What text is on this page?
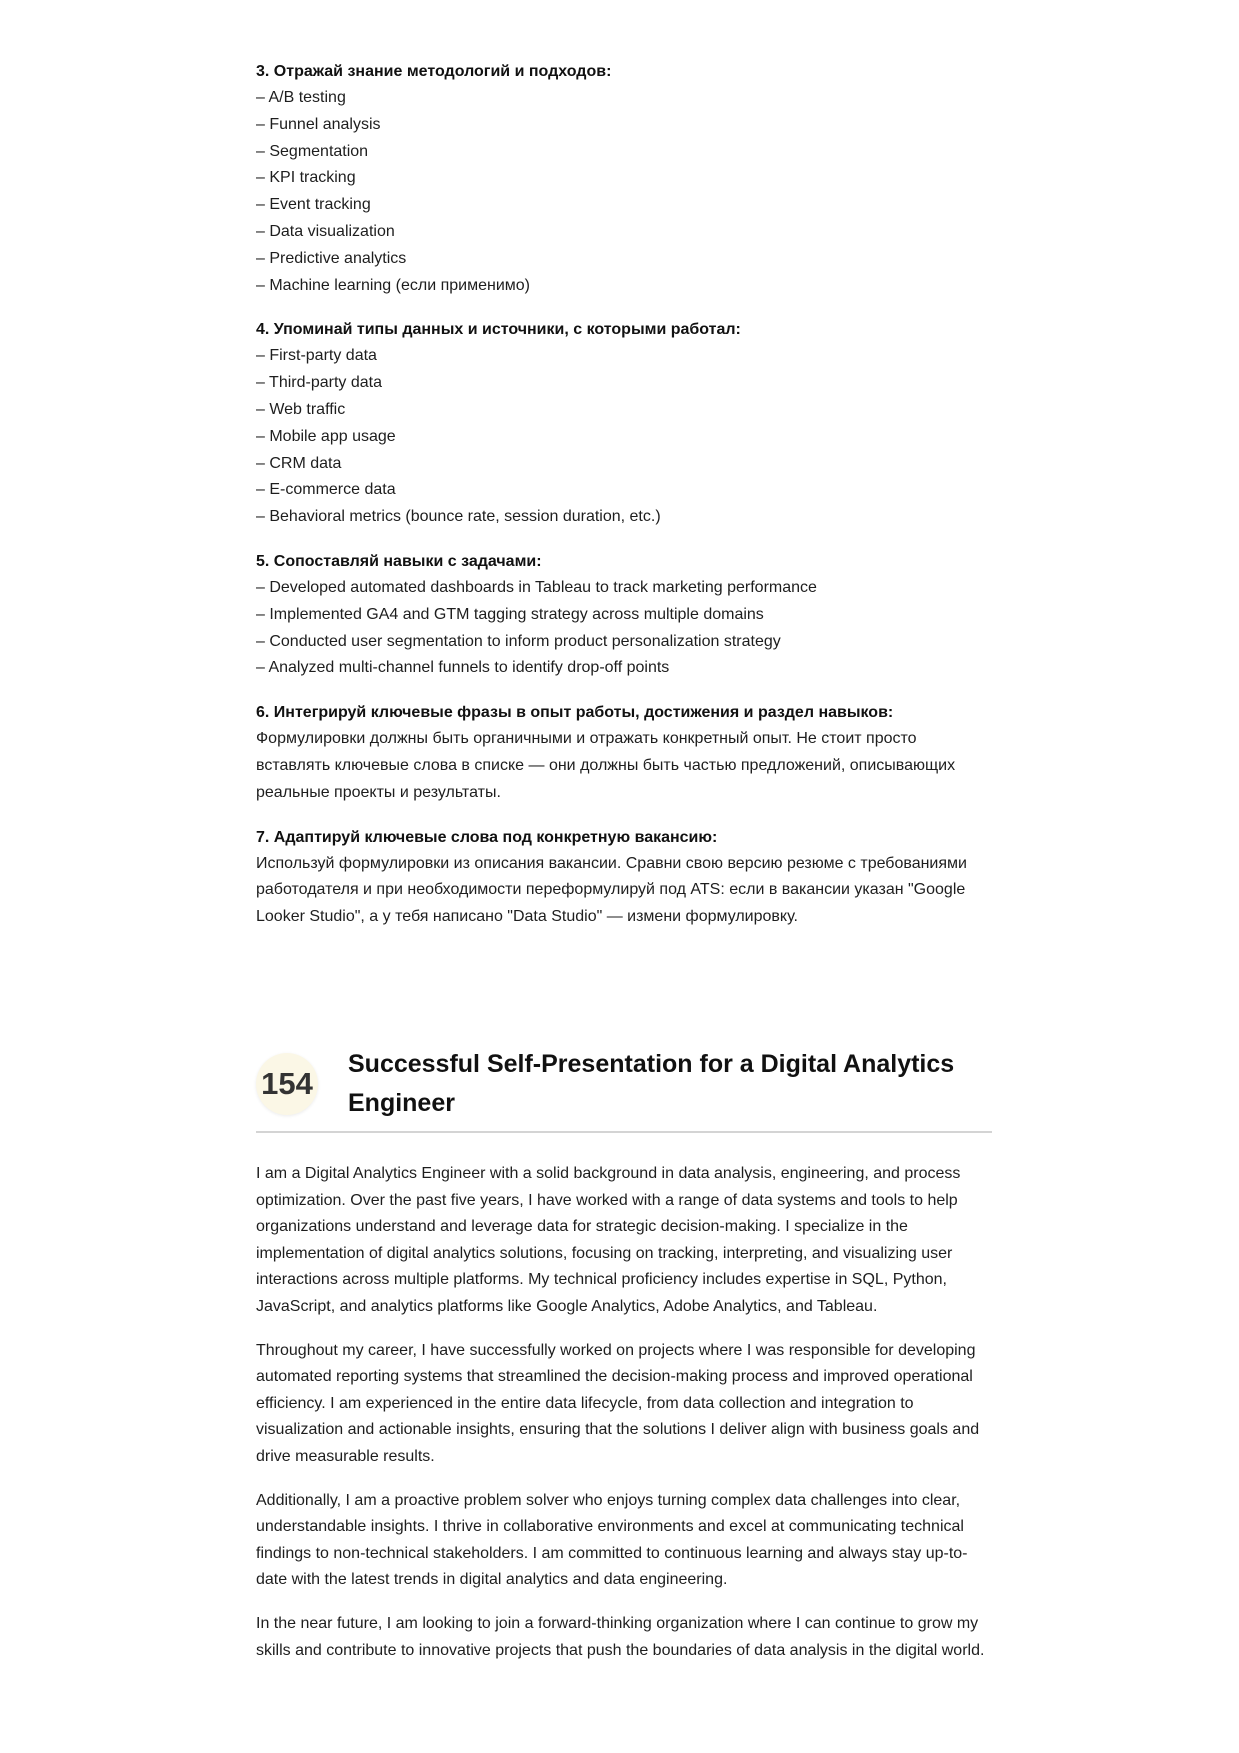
3. Отражай знание методологий и подходов:

– A/B testing
– Funnel analysis
– Segmentation
– KPI tracking
– Event tracking
– Data visualization
– Predictive analytics
– Machine learning (если применимо)

4. Упоминай типы данных и источники, с которыми работал:

– First-party data
– Third-party data
– Web traffic
– Mobile app usage
– CRM data
– E-commerce data
– Behavioral metrics (bounce rate, session duration, etc.)

5. Сопоставляй навыки с задачами:

– Developed automated dashboards in Tableau to track marketing performance
– Implemented GA4 and GTM tagging strategy across multiple domains
– Conducted user segmentation to inform product personalization strategy
– Analyzed multi-channel funnels to identify drop-off points

6. Интегрируй ключевые фразы в опыт работы, достижения и раздел навыков:

Формулировки должны быть органичными и отражать конкретный опыт. Не стоит просто вставлять ключевые слова в списке — они должны быть частью предложений, описывающих реальные проекты и результаты.

7. Адаптируй ключевые слова под конкретную вакансию:

Используй формулировки из описания вакансии. Сравни свою версию резюме с требованиями работодателя и при необходимости переформулируй под ATS: если в вакансии указан "Google Looker Studio", а у тебя написано "Data Studio" — измени формулировку.

154
Successful Self-Presentation for a Digital Analytics Engineer

I am a Digital Analytics Engineer with a solid background in data analysis, engineering, and process optimization. Over the past five years, I have worked with a range of data systems and tools to help organizations understand and leverage data for strategic decision-making. I specialize in the implementation of digital analytics solutions, focusing on tracking, interpreting, and visualizing user interactions across multiple platforms. My technical proficiency includes expertise in SQL, Python, JavaScript, and analytics platforms like Google Analytics, Adobe Analytics, and Tableau.

Throughout my career, I have successfully worked on projects where I was responsible for developing automated reporting systems that streamlined the decision-making process and improved operational efficiency. I am experienced in the entire data lifecycle, from data collection and integration to visualization and actionable insights, ensuring that the solutions I deliver align with business goals and drive measurable results.

Additionally, I am a proactive problem solver who enjoys turning complex data challenges into clear, understandable insights. I thrive in collaborative environments and excel at communicating technical findings to non-technical stakeholders. I am committed to continuous learning and always stay up-to-date with the latest trends in digital analytics and data engineering.

In the near future, I am looking to join a forward-thinking organization where I can continue to grow my skills and contribute to innovative projects that push the boundaries of data analysis in the digital world.
